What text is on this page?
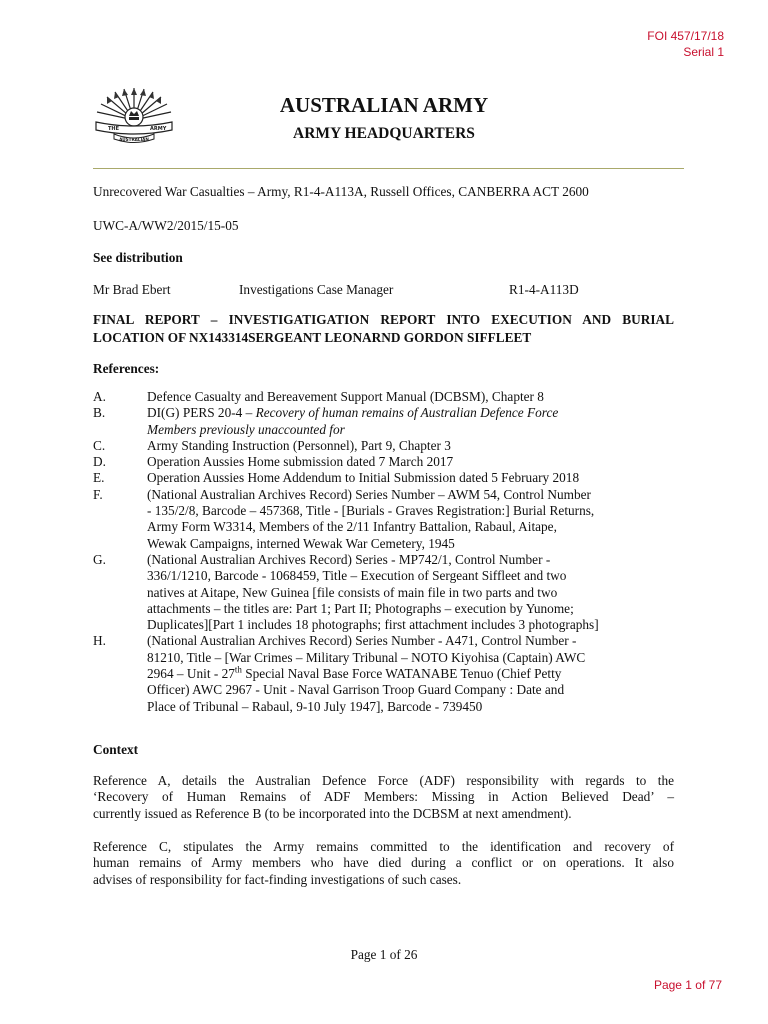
FOI 457/17/18
Serial 1
THE	ARMY
AUSTRALIAN
AUSTRALIAN ARMY
ARMY HEADQUARTERS
Unrecovered War Casualties – Army, R1-4-A113A, Russell Offices, CANBERRA ACT 2600
UWC-A/WW2/2015/15-05
See distribution
Mr Brad Ebert	Investigations Case Manager	R1-4-A113D
FINAL REPORT – INVESTIGATIGATION REPORT INTO EXECUTION AND BURIAL LOCATION OF NX143314SERGEANT LEONARND GORDON SIFFLEET
References:
A.	Defence Casualty and Bereavement Support Manual (DCBSM), Chapter 8
B.	DI(G) PERS 20-4 – Recovery of human remains of Australian Defence Force
Members previously unaccounted for
C.	Army Standing Instruction (Personnel), Part 9, Chapter 3
D.	Operation Aussies Home submission dated 7 March 2017
E.	Operation Aussies Home Addendum to Initial Submission dated 5 February 2018
F.	(National Australian Archives Record) Series Number – AWM 54, Control Number
- 135/2/8, Barcode – 457368, Title - [Burials - Graves Registration:] Burial Returns,
Army Form W3314, Members of the 2/11 Infantry Battalion, Rabaul, Aitape,
Wewak Campaigns, interned Wewak War Cemetery, 1945
G.	(National Australian Archives Record) Series - MP742/1, Control Number -
336/1/1210, Barcode - 1068459, Title – Execution of Sergeant Siffleet and two
natives at Aitape, New Guinea [file consists of main file in two parts and two
attachments – the titles are: Part 1; Part II; Photographs – execution by Yunome;
Duplicates][Part 1 includes 18 photographs; first attachment includes 3 photographs]
H.	(National Australian Archives Record) Series Number - A471, Control Number -
81210, Title – [War Crimes – Military Tribunal – NOTO Kiyohisa (Captain) AWC
2964 – Unit - 27th Special Naval Base Force WATANABE Tenuo (Chief Petty
Officer) AWC 2967 - Unit - Naval Garrison Troop Guard Company : Date and
Place of Tribunal – Rabaul, 9-10 July 1947], Barcode - 739450
Context
Reference A, details the Australian Defence Force (ADF) responsibility with regards to the
‘Recovery of Human Remains of ADF Members: Missing in Action Believed Dead’ –
currently issued as Reference B (to be incorporated into the DCBSM at next amendment).
Reference C, stipulates the Army remains committed to the identification and recovery of
human remains of Army members who have died during a conflict or on operations. It also
advises of responsibility for fact-finding investigations of such cases.
Page 1 of 26
Page 1 of 77
